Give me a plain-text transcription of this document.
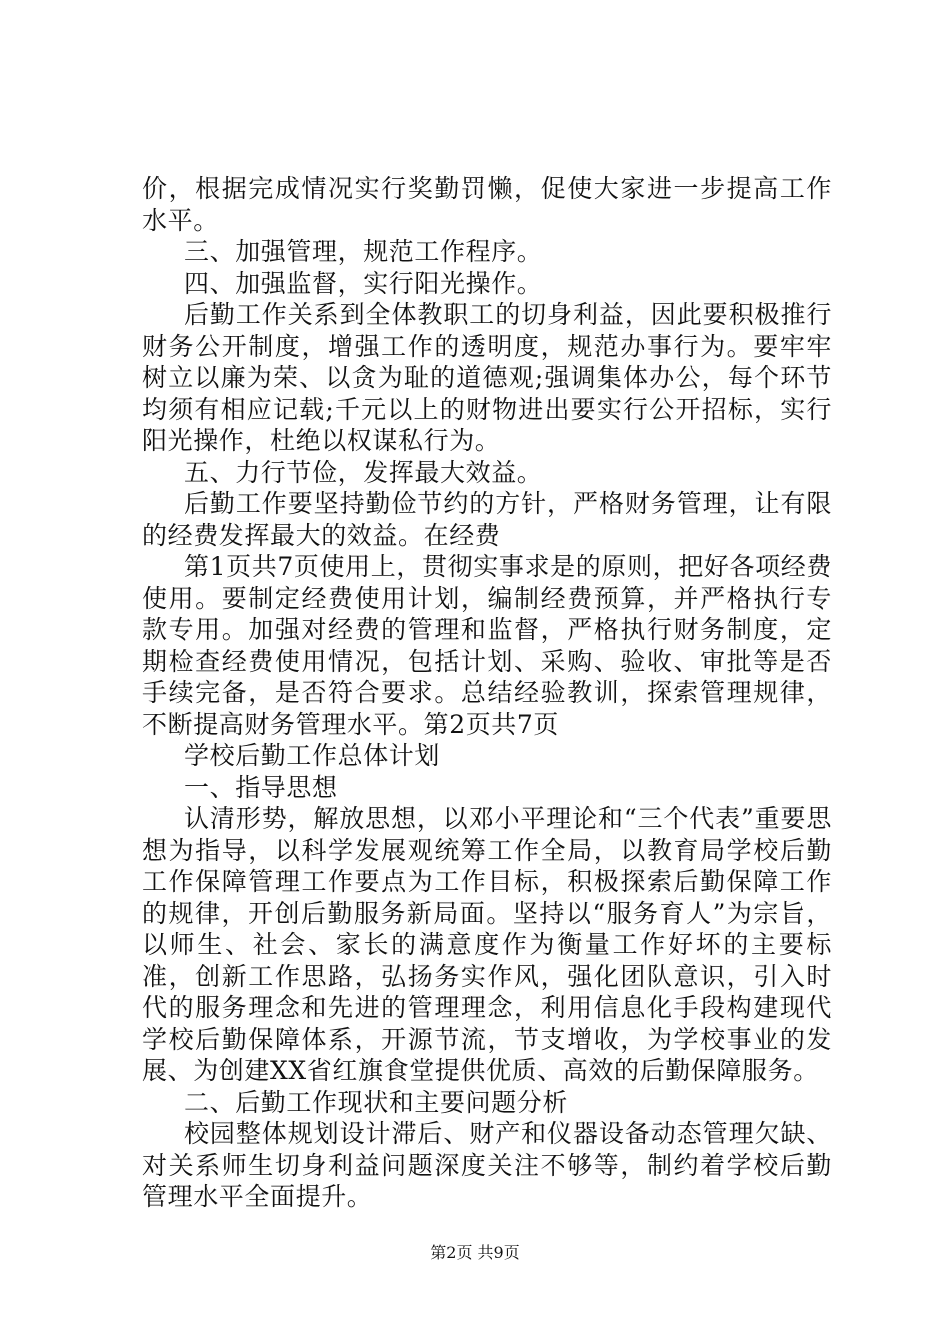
价，根据完成情况实行奖勤罚懒，促使大家进一步提高工作水平。

三、加强管理，规范工作程序。

四、加强监督，实行阳光操作。

后勤工作关系到全体教职工的切身利益，因此要积极推行财务公开制度，增强工作的透明度，规范办事行为。要牢牢树立以廉为荣、以贪为耻的道德观;强调集体办公，每个环节均须有相应记载;千元以上的财物进出要实行公开招标，实行阳光操作，杜绝以权谋私行为。

五、力行节俭，发挥最大效益。

后勤工作要坚持勤俭节约的方针，严格财务管理，让有限的经费发挥最大的效益。在经费

第1页共7页使用上，贯彻实事求是的原则，把好各项经费使用。要制定经费使用计划，编制经费预算，并严格执行专款专用。加强对经费的管理和监督，严格执行财务制度，定期检查经费使用情况，包括计划、采购、验收、审批等是否手续完备，是否符合要求。总结经验教训，探索管理规律，不断提高财务管理水平。第2页共7页

学校后勤工作总体计划

一、指导思想

认清形势，解放思想，以邓小平理论和“三个代表”重要思想为指导，以科学发展观统筹工作全局，以教育局学校后勤工作保障管理工作要点为工作目标，积极探索后勤保障工作的规律，开创后勤服务新局面。坚持以“服务育人”为宗旨，以师生、社会、家长的满意度作为衡量工作好坏的主要标准，创新工作思路，弘扬务实作风，强化团队意识，引入时代的服务理念和先进的管理理念，利用信息化手段构建现代学校后勤保障体系，开源节流，节支增收，为学校事业的发展、为创建XX省红旗食堂提供优质、高效的后勤保障服务。

二、后勤工作现状和主要问题分析

校园整体规划设计滞后、财产和仪器设备动态管理欠缺、对关系师生切身利益问题深度关注不够等，制约着学校后勤管理水平全面提升。

第2页 共9页
